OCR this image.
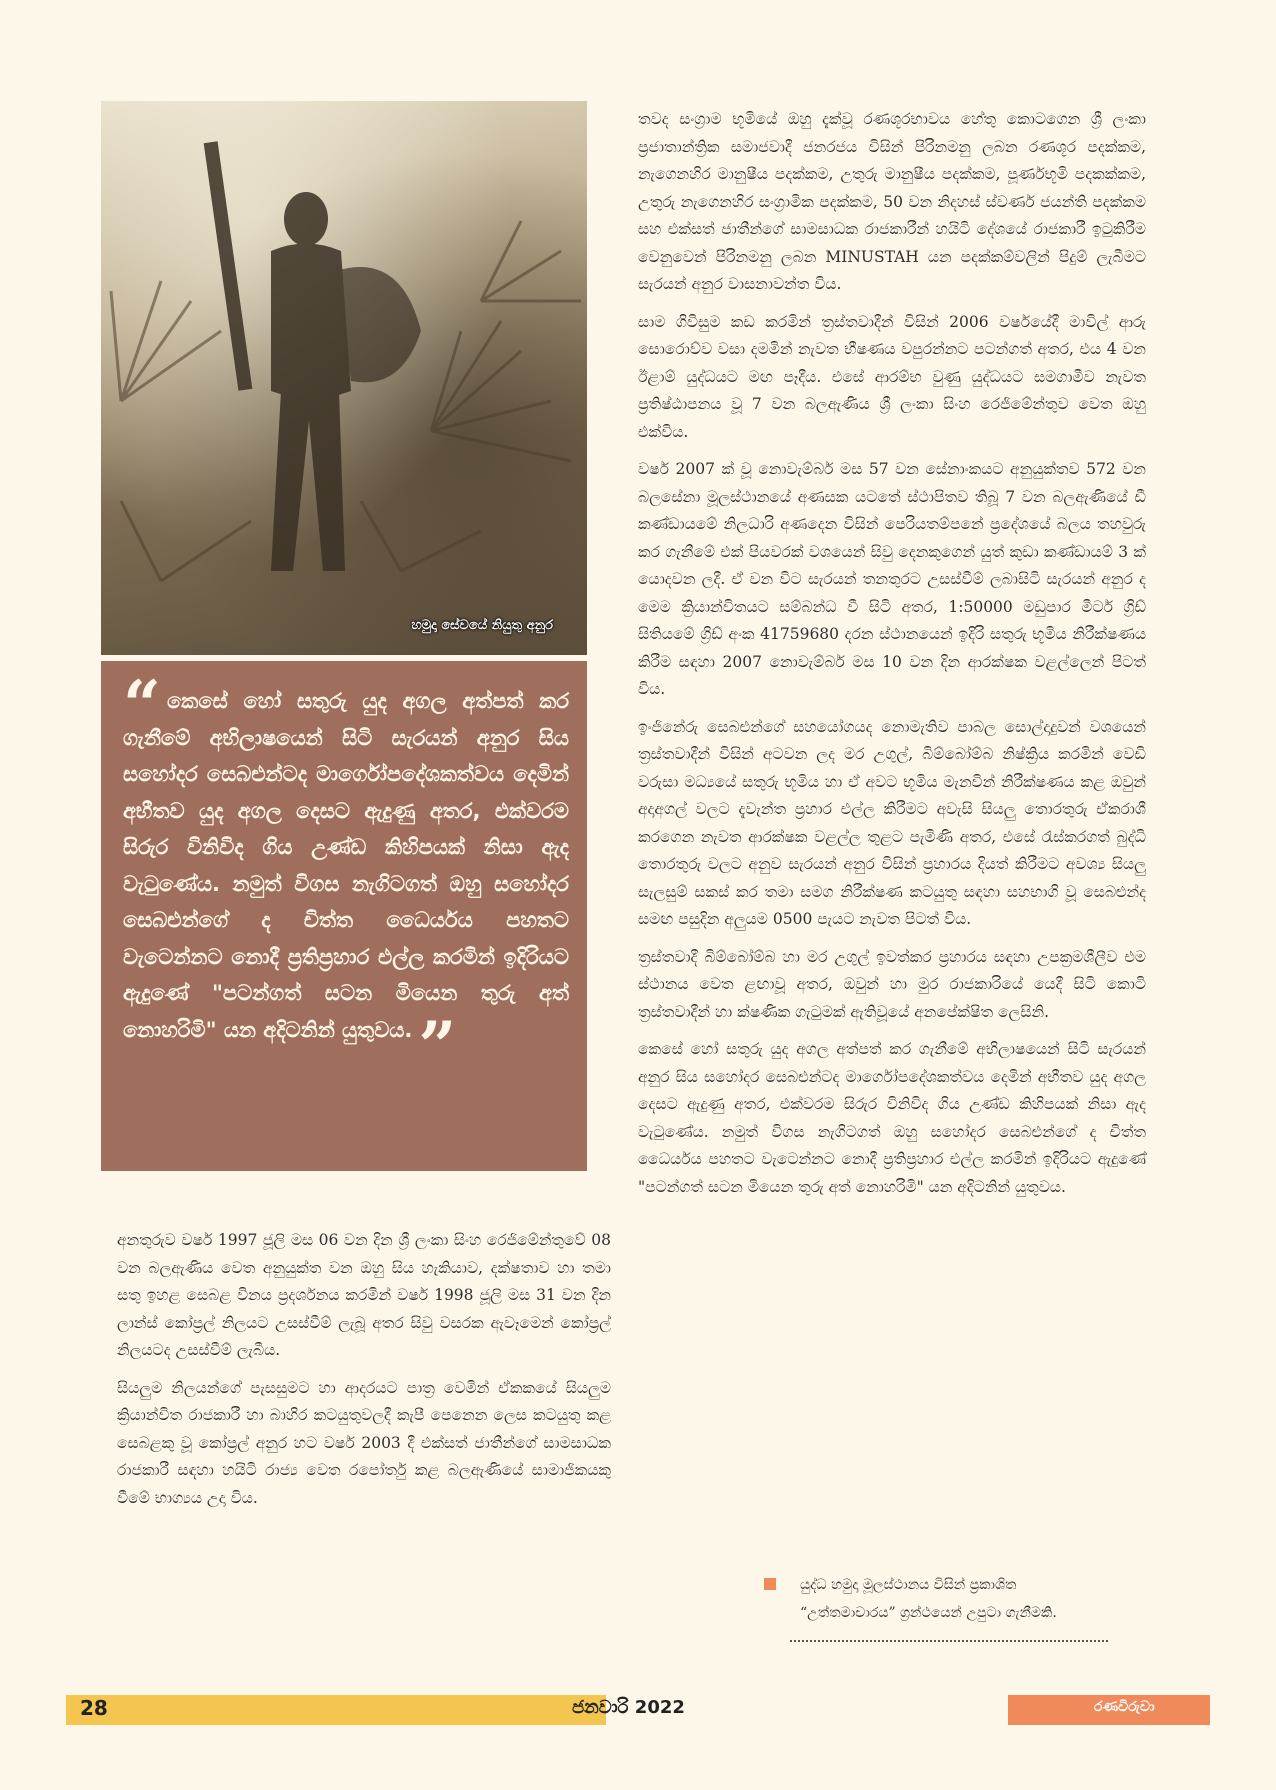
හමුදා සේවයේ නියුතු අනුර
“ කෙසේ හෝ සතුරු යුද අගල අත්පත් කර ගැනීමේ අභිලාෂයෙන් සිටි සැරයන් අනුර සිය සහෝදර සෙබළුන්ටද මාර්ගෝපදේශකත්වය දෙමින් අභීතව යුද අගල දෙසට ඇදුණු අතර, එක්වරම සිරුර විනිවිද ගිය උණ්ඩ කිහිපයක් නිසා ඇද වැටුණේය. නමුත් විගස නැගිටගත් ඔහු සහෝදර සෙබළුන්ගේ ද චිත්ත ධෛර්යය පහතට වැටෙන්නට නොදී ප්‍රතිප්‍රහාර එල්ල කරමින් ඉදිරියට ඇදුණේ "පටන්ගත් සටන මියෙන තුරු අත් නොහරිමි" යන අදිටනින් යුතුවය.”

අනතුරුව වර්ෂ 1997 ජූලි මස 06 වන දින ශ්‍රී ලංකා සිංහ රෙජිමේන්තුවේ 08 වන බලඇණිය වෙත අනුයුක්ත වන ඔහු සිය හැකියාව, දක්ෂතාව හා තමා සතු ඉහළ සෙබළ විනය ප්‍රදර්ශනය කරමින් වර්ෂ 1998 ජූලි මස 31 වන දින ලාන්ස් කෝප්‍රල් නිලයට උසස්වීම් ලැබූ අතර සිවු වසරක ඇවෑමෙන් කෝප්‍රල් නිලයටද උසස්වීම් ලැබීය.

සියලුම නිලයන්ගේ පැසසුමට හා ආදරයට පාත්‍ර වෙමින් ඒකකයේ සියලුම ක්‍රියාන්විත රාජකාරී හා බාහිර කටයුතුවලදී කැපී පෙනෙන ලෙස කටයුතු කළ සෙබළකු වූ කෝප්‍රල් අනුර හට වර්ෂ 2003 දී එක්සත් ජාතීන්ගේ සාමසාධක රාජකාරී සඳහා හයිටි රාජ්‍ය වෙත රපෝර්තු කළ බලඇණියේ සාමාජිකයකු වීමේ භාග්‍යය උදා විය.

තවද සංග්‍රාම භූමියේ ඔහු දැක්වූ රණශූරභාවය හේතු කොටගෙන ශ්‍රී ලංකා ප්‍රජාතාන්ත්‍රික සමාජවාදී ජනරජය විසින් පිරිනමනු ලබන රණශූර පදක්කම, නැගෙනහිර මානුෂීය පදක්කම, උතුරු මානුෂීය පදක්කම, පූර්ණභූමි පදකක්කම, උතුරු නැගෙනහිර සංග්‍රාමික පදක්කම, 50 වන නිදහස් ස්වර්ණ ජයන්ති පදක්කම සහ එක්සත් ජාතීන්ගේ සාමසාධක රාජකාරීන් හයිටි දේශයේ රාජකාරී ඉටුකිරීම වෙනුවෙන් පිරිනමනු ලබන MINUSTAH යන පදක්කම්වලින් පිදුම් ලැබීමට සැරයන් අනුර වාසනාවන්ත විය.

සාම ගිවිසුම කඩ කරමින් ත්‍රස්තවාදීන් විසින් 2006 වර්ෂයේදී මාවිල් ආරු සොරොව්ව වසා දමමින් නැවත භීෂණය වපුරන්නට පටන්ගත් අතර, එය 4 වන ඊළාම් යුද්ධයට මඟ පෑදීය. එසේ ආරම්භ වුණු යුද්ධයට සමගාමීව නැවත ප්‍රතිෂ්ඨාපනය වූ 7 වන බලඇණිය ශ්‍රී ලංකා සිංහ රෙජිමේන්තුව වෙත ඔහු එක්විය.

වර්ෂ 2007 ක් වූ නොවැම්බර් මස 57 වන සේනාංකයට අනුයුක්තව 572 වන බලසේනා මූලස්ථානයේ අණසක යටතේ ස්ථාපිතව තිබූ 7 වන බලඇණියේ ඩී කණ්ඩායමේ නිලධාරි අණදෙන විසින් පෙරියතම්පනේ ප්‍රදේශයේ බලය තහවුරු කර ගැනීමේ එක් පියවරක් වශයෙන් සිවු දෙනකුගෙන් යුත් කුඩා කණ්ඩායම් 3 ක් යොදවන ලදී. ඒ වන විට සැරයන් තනතුරට උසස්වීම් ලබාසිටි සැරයන් අනුර ද මෙම ක්‍රියාන්විතයට සම්බන්ධ වී සිටි අතර, 1:50000 මඩුපාර මීටර් ග්‍රිඩ් සිතියමේ ග්‍රිඩ් අංක 41759680 දරන ස්ථානයෙන් ඉදිරි සතුරු භූමිය නිරීක්ෂණය කිරීම සඳහා 2007 නොවැම්බර් මස 10 වන දින ආරක්ෂක වළල්ලෙන් පිටත් විය.

ඉංජිනේරු සෙබළුන්ගේ සහයෝගයද නොමැතිව පාබල සොල්දාදුවන් වශයෙන් ත්‍රස්තවාදීන් විසින් අටවන ලද මර උගුල්, බිම්බෝම්බ නිෂ්ක්‍රිය කරමින් වෙඩි වරුසා මධ්‍යයේ සතුරු භූමිය හා ඒ අවට භූමිය මැනවින් නිරීක්ෂණය කළ ඔවුන් අදාඅගල් වලට දැවැන්ත ප්‍රහාර එල්ල කිරීමට අවැසි සියලු තොරතුරු ඒකරාශී කරගෙන නැවත ආරක්ෂක වළල්ල තුළට පැමිණි අතර, එසේ රැස්කරගත් බුද්ධි තොරතුරු වලට අනුව සැරයන් අනුර විසින් ප්‍රහාරය දියත් කිරීමට අවශ්‍ය සියලු සැලසුම් සකස් කර තමා සමග නිරීක්ෂණ කටයුතු සඳහා සහභාගි වූ සෙබළුන්ද සමඟ පසුදින අලුයම 0500 පැයට නැවත පිටත් විය.

ත්‍රස්තවාදී බිම්බෝම්බ හා මර උගුල් ඉවත්කර ප්‍රහාරය සඳහා උපක්‍රමශීලීව එම ස්ථානය වෙත ළඟාවූ අතර, ඔවුන් හා මුර රාජකාරියේ යෙදී සිටි කොටි ත්‍රස්තවාදීන් හා ක්ෂණික ගැටුමක් ඇතිවූයේ අනපේක්ෂිත ලෙසිනි.

කෙසේ හෝ සතුරු යුද අගල අත්පත් කර ගැනීමේ අභිලාෂයෙන් සිටි සැරයන් අනුර සිය සහෝදර සෙබළුන්ටද මාර්ගෝපදේශකත්වය දෙමින් අභීතව යුද අගල දෙසට ඇදුණු අතර, එක්වරම සිරුර විනිවිද ගිය උණ්ඩ කිහිපයක් නිසා ඇද වැටුණේය. නමුත් විගස නැගිටගත් ඔහු සහෝදර සෙබළුන්ගේ ද චිත්ත ධෛර්යය පහතට වැටෙන්නට නොදී ප්‍රතිප්‍රහාර එල්ල කරමින් ඉදිරියට ඇදුණේ "පටන්ගත් සටන මියෙන තුරු අත් නොහරිමි" යන අදිටනින් යුතුවය.

යුද්ධ හමුදා මූලස්ථානය විසින් ප්‍රකාශිත
“උත්තමාචාරය” ග්‍රන්ථයෙන් උපුටා ගැනීමකි.
28	ජනවාරි 2022	රණවිරුවා
